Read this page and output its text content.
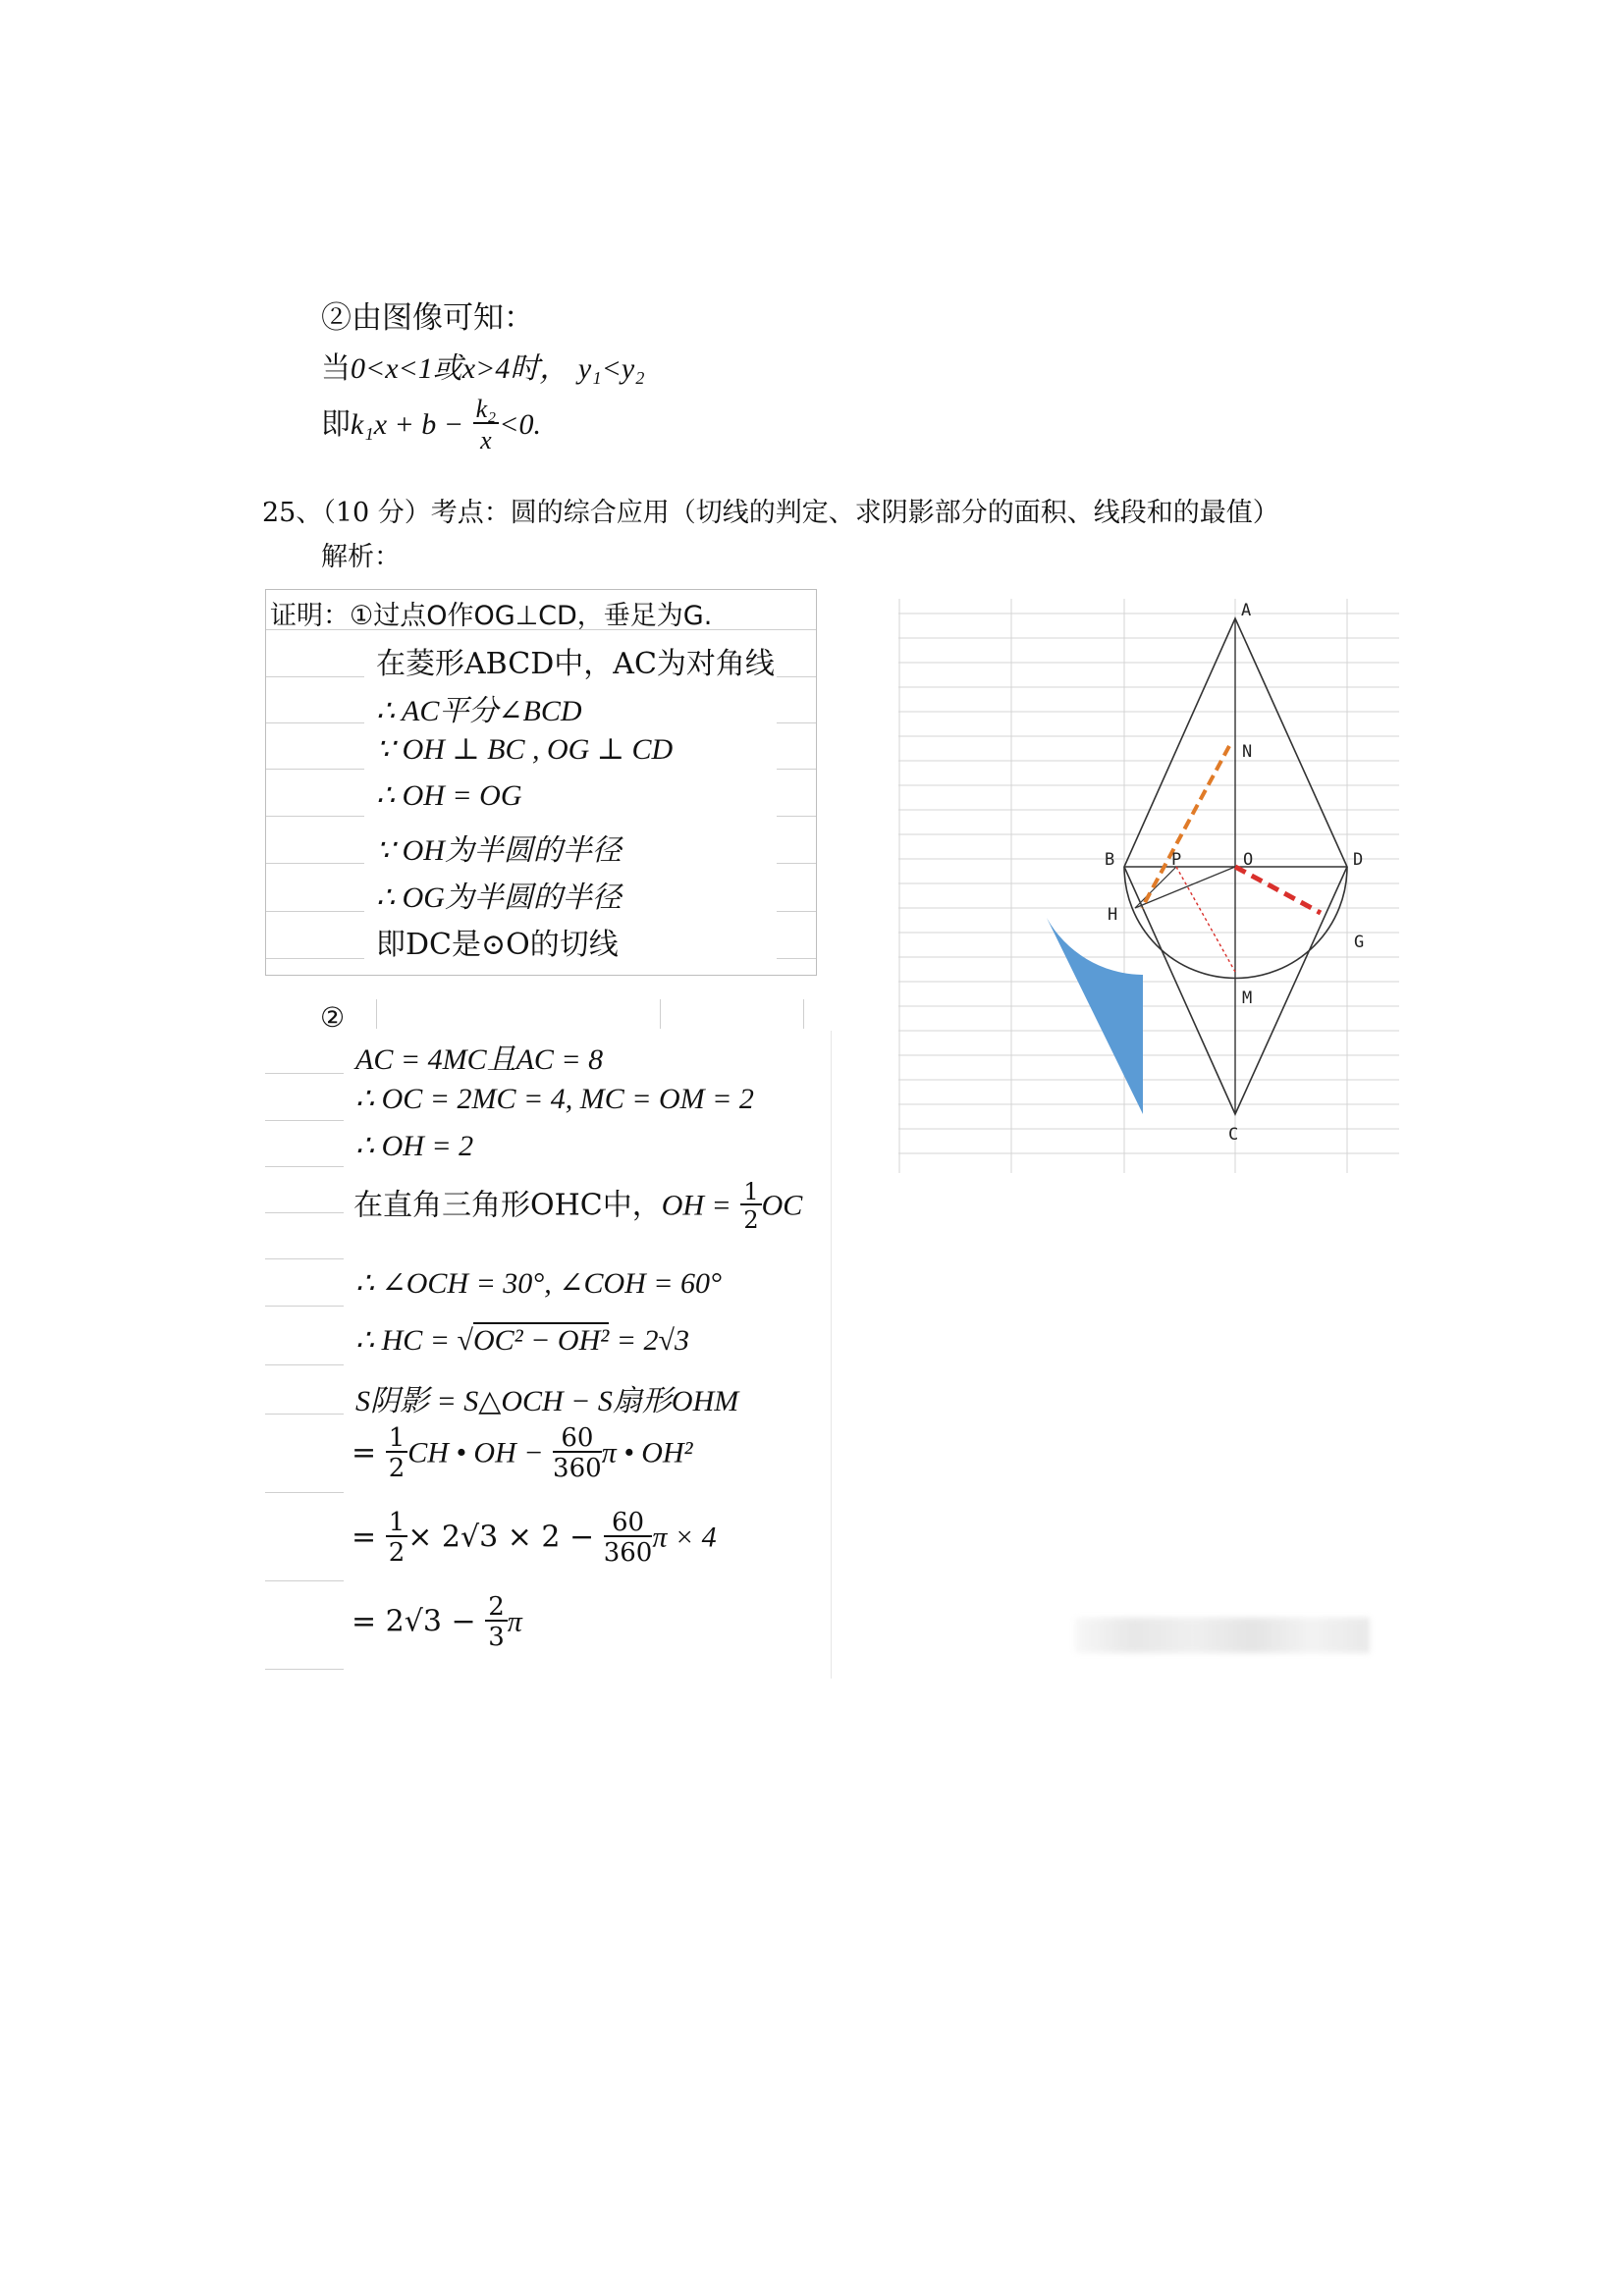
②由图像可知：
当0<x<1或x>4时， y₁<y₂
即$k_1x + b - \frac{\text{k₂}}{x} <0$.
25、（10 分）考点：圆的综合应用（切线的判定、求阴影部分的面积、线段和的最值）
解析：
证明：①过点O作OG⊥CD，垂足为G.
在菱形ABCD中，AC为对角线
∴ AC平分∠BCD
∵ OH ⊥ BC , OG ⊥ CD
∴ OH = OG
∵ OH为半圆的半径
∴ OG为半圆的半径
即DC是⊙O的切线
②
AC = 4MC且AC = 8
∴ OC = 2MC = 4, MC = OM = 2
∴ OH = 2
在直角三角形OHC中，OH = $\frac{1}{2}$ OC
∴ ∠OCH = 30°, ∠COH = 60°
∴ HC = √OC² − OH² = 2√3
S阴影 = S△OCH − S扇形OHM
= $\frac{1}{2}$ CH • OH − $\frac{60}{360}$ π • OH²
= $\frac{1}{2} \times 2√3 \times 2 - \frac{60}{360}$ π × 4
= $2√3 - \frac{2}{3}$ π
A
N
B	P	O	D
H
G
M
C
